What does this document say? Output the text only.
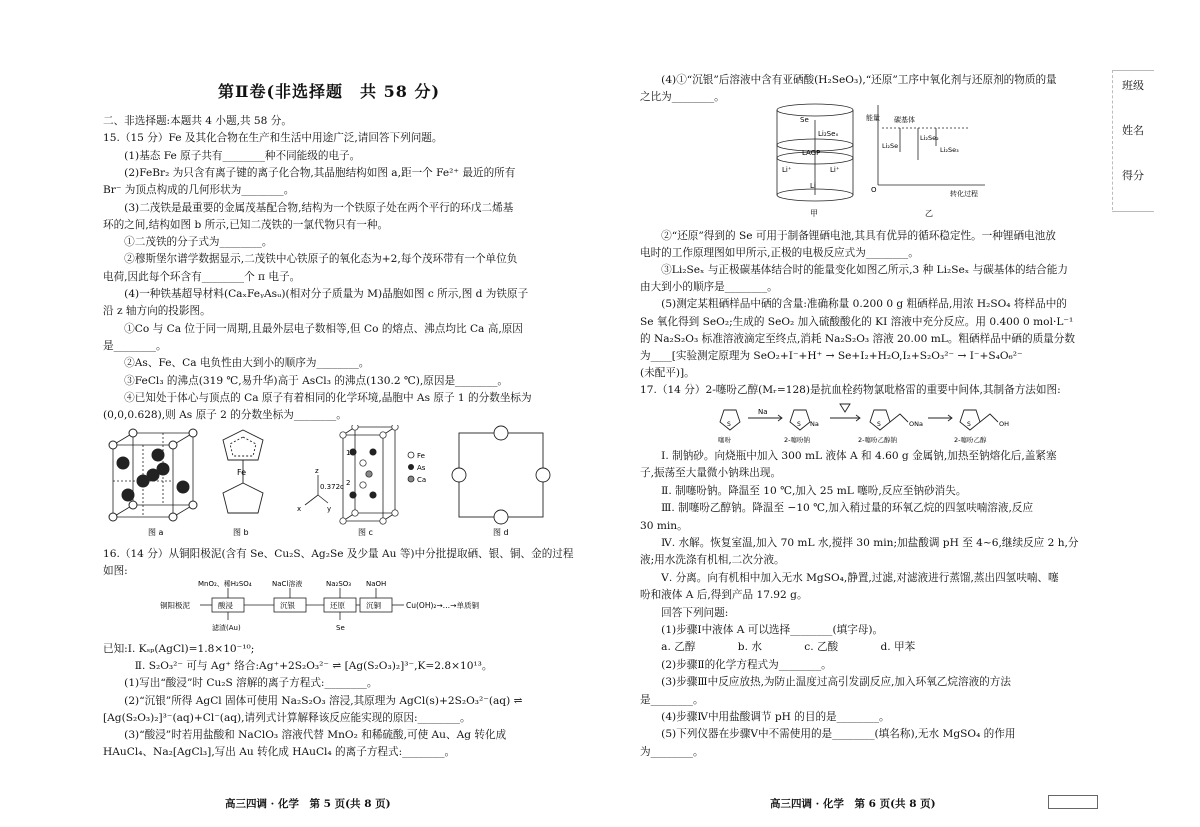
第Ⅱ卷(非选择题　共 58 分)
二、非选择题:本题共 4 小题,共 58 分。
15.（15 分）Fe 及其化合物在生产和生活中用途广泛,请回答下列问题。
　　(1)基态 Fe 原子共有________种不同能级的电子。
　　(2)FeBr₂ 为只含有离子键的离子化合物,其晶胞结构如图 a,距一个 Fe²⁺ 最近的所有
Br⁻ 为顶点构成的几何形状为________。
　　(3)二茂铁是最重要的金属茂基配合物,结构为一个铁原子处在两个平行的环戊二烯基
环的之间,结构如图 b 所示,已知二茂铁的一氯代物只有一种。
　　①二茂铁的分子式为________。
　　②穆斯堡尔谱学数据显示,二茂铁中心铁原子的氧化态为+2,每个茂环带有一个单位负
电荷,因此每个环含有________个 π 电子。
　　(4)一种铁基超导材料(CaₓFeᵧAsᵤ)(相对分子质量为 M)晶胞如图 c 所示,图 d 为铁原子
沿 z 轴方向的投影图。
　　①Co 与 Ca 位于同一周期,且最外层电子数相等,但 Co 的熔点、沸点均比 Ca 高,原因
是________。
　　②As、Fe、Ca 电负性由大到小的顺序为________。
　　③FeCl₃ 的沸点(319 ℃,易升华)高于 AsCl₃ 的沸点(130.2 ℃),原因是________。
　　④已知处于体心与顶点的 Ca 原子有着相同的化学环境,晶胞中 As 原子 1 的分数坐标为
(0,0,0.628),则 As 原子 2 的分数坐标为________。
16.（14 分）从铜阳极泥(含有 Se、Cu₂S、Ag₂Se 及少量 Au 等)中分批提取硒、银、铜、金的过程
如图:
已知:Ⅰ. Kₛₚ(AgCl)=1.8×10⁻¹⁰;
　　　Ⅱ. S₂O₃²⁻ 可与 Ag⁺ 络合:Ag⁺+2S₂O₃²⁻ ⇌ [Ag(S₂O₃)₂]³⁻,K=2.8×10¹³。
　　(1)写出“酸浸”时 Cu₂S 溶解的离子方程式:________。
　　(2)“沉银”所得 AgCl 固体可使用 Na₂S₂O₃ 溶浸,其原理为 AgCl(s)+2S₂O₃²⁻(aq) ⇌
[Ag(S₂O₃)₂]³⁻(aq)+Cl⁻(aq),请列式计算解释该反应能实现的原因:________。
　　(3)“酸浸”时若用盐酸和 NaClO₃ 溶液代替 MnO₂ 和稀硫酸,可使 Au、Ag 转化成
HAuCl₄、Na₂[AgCl₃],写出 Au 转化成 HAuCl₄ 的离子方程式:________。
　　(4)①“沉银”后溶液中含有亚硒酸(H₂SeO₃),“还原”工序中氧化剂与还原剂的物质的量
之比为________。
　　②“还原”得到的 Se 可用于制备锂硒电池,其具有优异的循环稳定性。一种锂硒电池放
电时的工作原理图如甲所示,正极的电极反应式为________。
　　③Li₂Seₓ 与正极碳基体结合时的能量变化如图乙所示,3 种 Li₂Seₓ 与碳基体的结合能力
由大到小的顺序是________。
　　(5)测定某粗硒样品中硒的含量:准确称量 0.200 0 g 粗硒样品,用浓 H₂SO₄ 将样品中的
Se 氧化得到 SeO₂;生成的 SeO₂ 加入硫酸酸化的 KI 溶液中充分反应。用 0.400 0 mol·L⁻¹
的 Na₂S₂O₃ 标准溶液滴定至终点,消耗 Na₂S₂O₃ 溶液 20.00 mL。粗硒样品中硒的质量分数
为____[实验测定原理为 SeO₂+I⁻+H⁺ → Se+I₂+H₂O,I₂+S₂O₃²⁻ → I⁻+S₄O₆²⁻
(未配平)]。
17.（14 分）2-噻吩乙醇(Mᵣ=128)是抗血栓药物氯吡格雷的重要中间体,其制备方法如图:
　　Ⅰ. 制钠砂。向烧瓶中加入 300 mL 液体 A 和 4.60 g 金属钠,加热至钠熔化后,盖紧塞
子,振荡至大量微小钠珠出现。
　　Ⅱ. 制噻吩钠。降温至 10 ℃,加入 25 mL 噻吩,反应至钠砂消失。
　　Ⅲ. 制噻吩乙醇钠。降温至 −10 ℃,加入稍过量的环氧乙烷的四氢呋喃溶液,反应
30 min。
　　Ⅳ. 水解。恢复室温,加入 70 mL 水,搅拌 30 min;加盐酸调 pH 至 4~6,继续反应 2 h,分
液;用水洗涤有机相,二次分液。
　　Ⅴ. 分离。向有机相中加入无水 MgSO₄,静置,过滤,对滤液进行蒸馏,蒸出四氢呋喃、噻
吩和液体 A 后,得到产品 17.92 g。
　　回答下列问题:
　　(1)步骤Ⅰ中液体 A 可以选择________(填字母)。
　　a. 乙醇　　　　b. 水　　　　c. 乙酸　　　　d. 甲苯
　　(2)步骤Ⅱ的化学方程式为________。
　　(3)步骤Ⅲ中反应放热,为防止温度过高引发副反应,加入环氧乙烷溶液的方法
是________。
　　(4)步骤Ⅳ中用盐酸调节 pH 的目的是________。
　　(5)下列仪器在步骤Ⅴ中不需使用的是________(填名称),无水 MgSO₄ 的作用
为________。
图 a
Fe
图 b
z
x	y
0.372c
1
2
Fe
As
Ca
图 c	图 d
铜阳极泥	酸浸	沉银	还原	沉铜
MnO₂、稀H₂SO₄	NaCl溶液	Na₂SO₃ NaOH
Cu(OH)₂→…→单质铜
滤渣(Au)	Se
Se
Li₂Seₓ
LAGP
Li⁺	Li⁺
Li
甲
能量 碳基体
Li₂Se
Li₂Se₂
Li₂Se₃
O	转化过程
乙
Na
S	S	S	S
Na	ONa	OH
噻吩	2-噻吩钠	2-噻吩乙醇钠	2-噻吩乙醇
高三四调 · 化学　第 5 页(共 8 页)	高三四调 · 化学　第 6 页(共 8 页)
班级
姓名
得分
